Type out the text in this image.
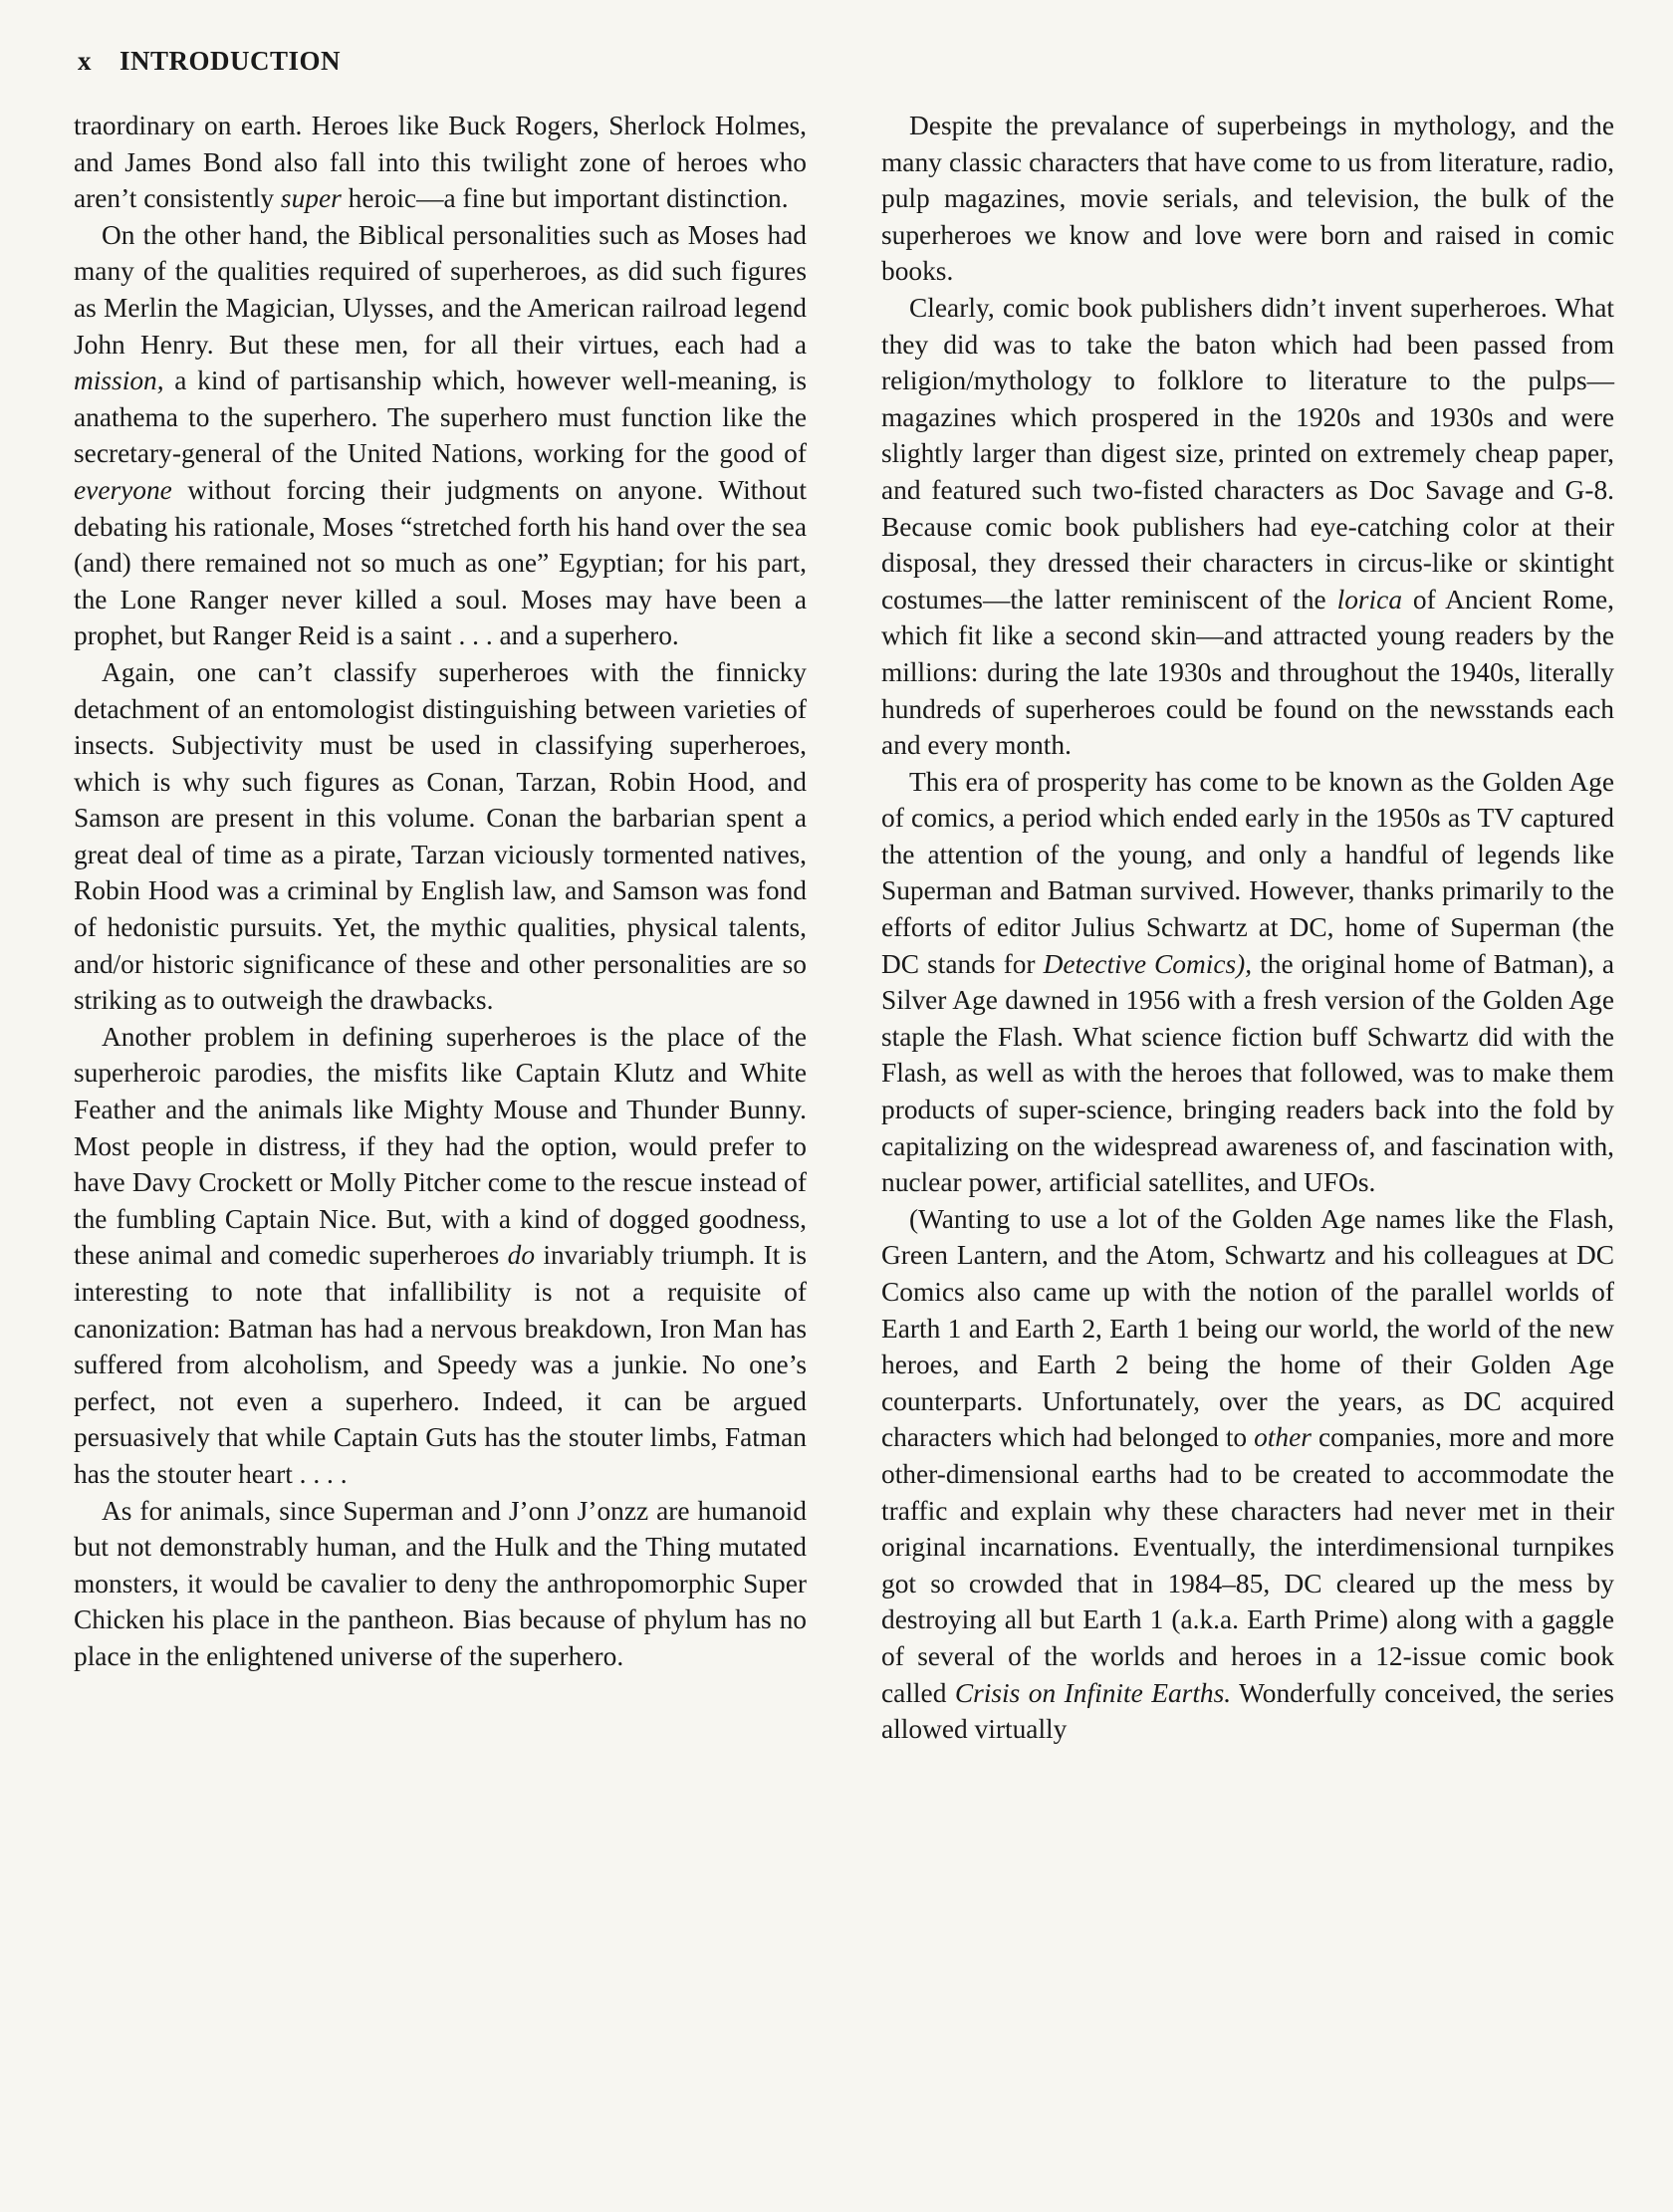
x INTRODUCTION

traordinary on earth. Heroes like Buck Rogers, Sherlock Holmes, and James Bond also fall into this twilight zone of heroes who aren’t consistently super heroic—a fine but important distinction.

On the other hand, the Biblical personalities such as Moses had many of the qualities required of superheroes, as did such figures as Merlin the Magician, Ulysses, and the American railroad legend John Henry. But these men, for all their virtues, each had a mission, a kind of partisanship which, however well-meaning, is anathema to the superhero. The superhero must function like the secretary-general of the United Nations, working for the good of everyone without forcing their judgments on anyone. Without debating his rationale, Moses “stretched forth his hand over the sea (and) there remained not so much as one” Egyptian; for his part, the Lone Ranger never killed a soul. Moses may have been a prophet, but Ranger Reid is a saint . . . and a superhero.

Again, one can’t classify superheroes with the finnicky detachment of an entomologist distinguishing between varieties of insects. Subjectivity must be used in classifying superheroes, which is why such figures as Conan, Tarzan, Robin Hood, and Samson are present in this volume. Conan the barbarian spent a great deal of time as a pirate, Tarzan viciously tormented natives, Robin Hood was a criminal by English law, and Samson was fond of hedonistic pursuits. Yet, the mythic qualities, physical talents, and/or historic significance of these and other personalities are so striking as to outweigh the drawbacks.

Another problem in defining superheroes is the place of the superheroic parodies, the misfits like Captain Klutz and White Feather and the animals like Mighty Mouse and Thunder Bunny. Most people in distress, if they had the option, would prefer to have Davy Crockett or Molly Pitcher come to the rescue instead of the fumbling Captain Nice. But, with a kind of dogged goodness, these animal and comedic superheroes do invariably triumph. It is interesting to note that infallibility is not a requisite of canonization: Batman has had a nervous breakdown, Iron Man has suffered from alcoholism, and Speedy was a junkie. No one’s perfect, not even a superhero. Indeed, it can be argued persuasively that while Captain Guts has the stouter limbs, Fatman has the stouter heart . . . .

As for animals, since Superman and J’onn J’onzz are humanoid but not demonstrably human, and the Hulk and the Thing mutated monsters, it would be cavalier to deny the anthropomorphic Super Chicken his place in the pantheon. Bias because of phylum has no place in the enlightened universe of the superhero.

Despite the prevalance of superbeings in mythology, and the many classic characters that have come to us from literature, radio, pulp magazines, movie serials, and television, the bulk of the superheroes we know and love were born and raised in comic books.

Clearly, comic book publishers didn’t invent superheroes. What they did was to take the baton which had been passed from religion/mythology to folklore to literature to the pulps—magazines which prospered in the 1920s and 1930s and were slightly larger than digest size, printed on extremely cheap paper, and featured such two-fisted characters as Doc Savage and G-8. Because comic book publishers had eye-catching color at their disposal, they dressed their characters in circus-like or skintight costumes—the latter reminiscent of the lorica of Ancient Rome, which fit like a second skin—and attracted young readers by the millions: during the late 1930s and throughout the 1940s, literally hundreds of superheroes could be found on the newsstands each and every month.

This era of prosperity has come to be known as the Golden Age of comics, a period which ended early in the 1950s as TV captured the attention of the young, and only a handful of legends like Superman and Batman survived. However, thanks primarily to the efforts of editor Julius Schwartz at DC, home of Superman (the DC stands for Detective Comics), the original home of Batman), a Silver Age dawned in 1956 with a fresh version of the Golden Age staple the Flash. What science fiction buff Schwartz did with the Flash, as well as with the heroes that followed, was to make them products of super-science, bringing readers back into the fold by capitalizing on the widespread awareness of, and fascination with, nuclear power, artificial satellites, and UFOs.

(Wanting to use a lot of the Golden Age names like the Flash, Green Lantern, and the Atom, Schwartz and his colleagues at DC Comics also came up with the notion of the parallel worlds of Earth 1 and Earth 2, Earth 1 being our world, the world of the new heroes, and Earth 2 being the home of their Golden Age counterparts. Unfortunately, over the years, as DC acquired characters which had belonged to other companies, more and more other-dimensional earths had to be created to accommodate the traffic and explain why these characters had never met in their original incarnations. Eventually, the interdimensional turnpikes got so crowded that in 1984–85, DC cleared up the mess by destroying all but Earth 1 (a.k.a. Earth Prime) along with a gaggle of several of the worlds and heroes in a 12-issue comic book called Crisis on Infinite Earths. Wonderfully conceived, the series allowed virtually
